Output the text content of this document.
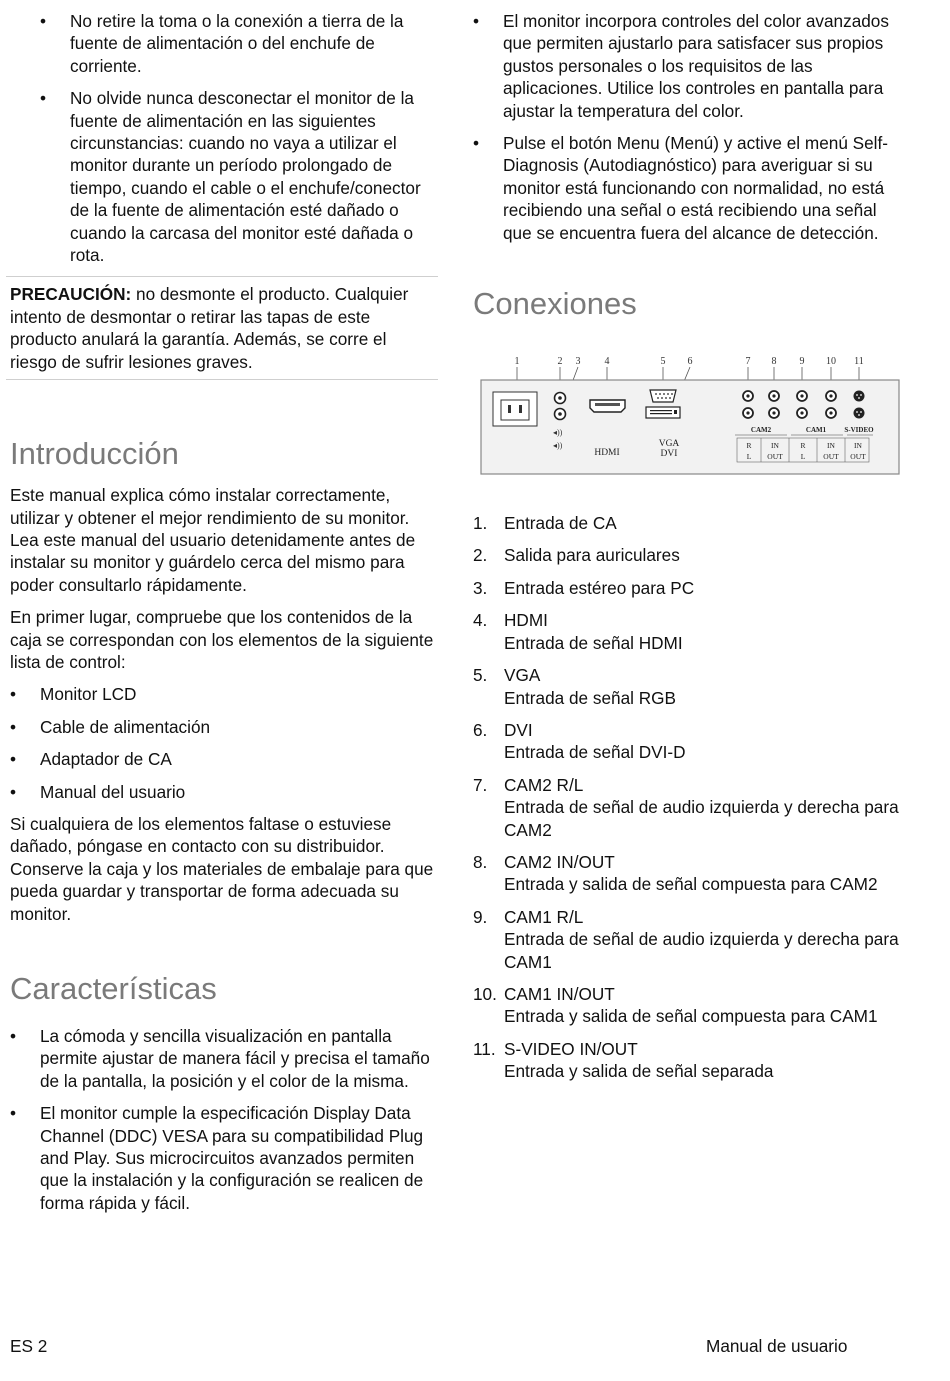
• No retire la toma o la conexión a tierra de la fuente de alimentación o del enchufe de corriente.
• No olvide nunca desconectar el monitor de la fuente de alimentación en las siguientes circunstancias: cuando no vaya a utilizar el monitor durante un período prolongado de tiempo, cuando el cable o el enchufe/conector de la fuente de alimentación esté dañado o cuando la carcasa del monitor esté dañada o rota.

PRECAUCIÓN: no desmonte el producto. Cualquier intento de desmontar o retirar las tapas de este producto anulará la garantía. Además, se corre el riesgo de sufrir lesiones graves.

Introducción

Este manual explica cómo instalar correctamente, utilizar y obtener el mejor rendimiento de su monitor. Lea este manual del usuario detenidamente antes de instalar su monitor y guárdelo cerca del mismo para poder consultarlo rápidamente.

En primer lugar, compruebe que los contenidos de la caja se correspondan con los elementos de la siguiente lista de control:

• Monitor LCD
• Cable de alimentación
• Adaptador de CA
• Manual del usuario

Si cualquiera de los elementos faltase o estuviese dañado, póngase en contacto con su distribuidor. Conserve la caja y los materiales de embalaje para que pueda guardar y transportar de forma adecuada su monitor.

Características
• La cómoda y sencilla visualización en pantalla permite ajustar de manera fácil y precisa el tamaño de la pantalla, la posición y el color de la misma.
• El monitor cumple la especificación Display Data Channel (DDC) VESA para su compatibilidad Plug and Play. Sus microcircuitos avanzados permiten que la instalación y la configuración se realicen de forma rápida y fácil.
• El monitor incorpora controles del color avanzados que permiten ajustarlo para satisfacer sus propios gustos personales o los requisitos de las aplicaciones. Utilice los controles en pantalla para ajustar la temperatura del color.
• Pulse el botón Menu (Menú) y active el menú Self-Diagnosis (Autodiagnóstico) para averiguar si su monitor está funcionando con normalidad, no está recibiendo una señal o está recibiendo una señal que se encuentra fuera del alcance de detección.
Conexiones
1	2 3 4	5 6	7 8 9 10 11
◂))
◂))
HDMI
VGA
DVI
CAM2	CAM1	S-VIDEO
R
L
IN
OUT
R
L
IN
OUT
IN
OUT
1. Entrada de CA
2. Salida para auriculares
3. Entrada estéreo para PC
4. HDMI
Entrada de señal HDMI
5. VGA
Entrada de señal RGB
6. DVI
Entrada de señal DVI-D
7. CAM2 R/L
Entrada de señal de audio izquierda y derecha para CAM2
8. CAM2 IN/OUT
Entrada y salida de señal compuesta para CAM2
9. CAM1 R/L
Entrada de señal de audio izquierda y derecha para CAM1
10. CAM1 IN/OUT
Entrada y salida de señal compuesta para CAM1
11. S-VIDEO IN/OUT
Entrada y salida de señal separada
ES 2	Manual de usuario
